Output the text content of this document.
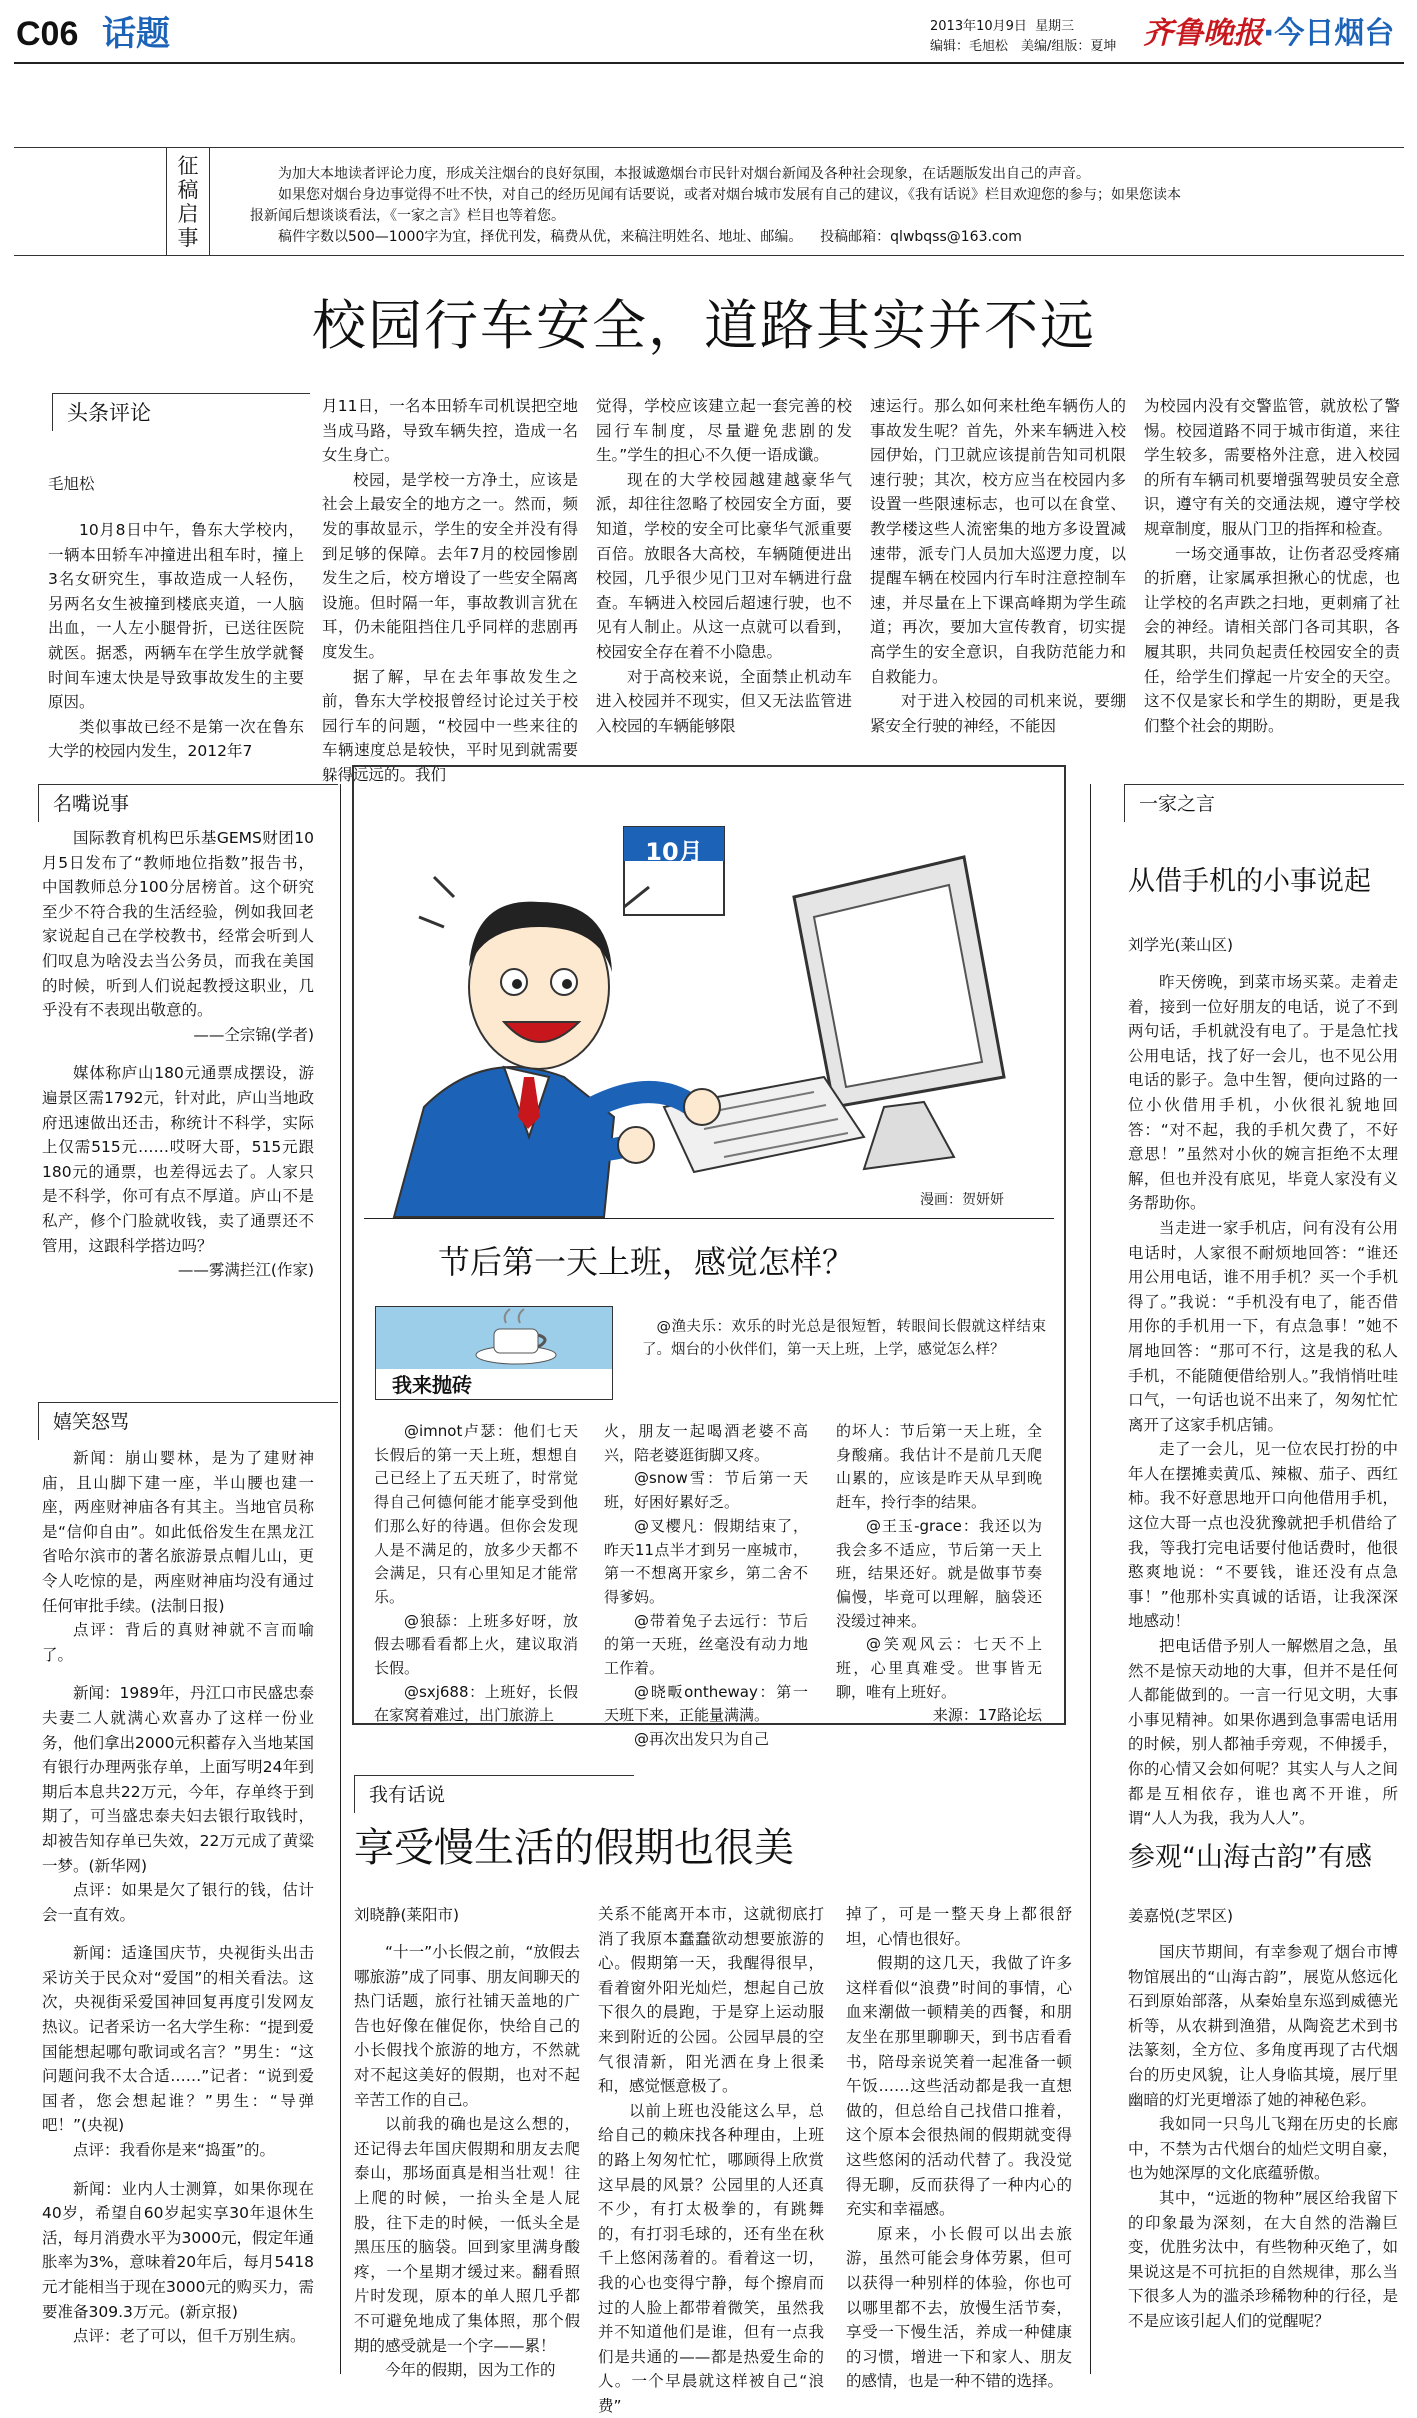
C06 话题	2013年10月9日 星期三
编辑：毛旭松　美编/组版：夏坤 齐鲁晚报·今日烟台
征稿启事

为加大本地读者评论力度，形成关注烟台的良好氛围，本报诚邀烟台市民针对烟台新闻及各种社会现象，在话题版发出自己的声音。

如果您对烟台身边事觉得不吐不快，对自己的经历见闻有话要说，或者对烟台城市发展有自己的建议，《我有话说》栏目欢迎您的参与；如果您读本报新闻后想谈谈看法，《一家之言》栏目也等着您。

稿件字数以500—1000字为宜，择优刊发，稿费从优，来稿注明姓名、地址、邮编。 投稿邮箱：qlwbqss@163.com

校园行车安全，道路其实并不远
头条评论
毛旭松

10月8日中午，鲁东大学校内，一辆本田轿车冲撞进出租车时，撞上3名女研究生，事故造成一人轻伤，另两名女生被撞到楼底夹道，一人脑出血，一人左小腿骨折，已送往医院就医。据悉，两辆车在学生放学就餐时间车速太快是导致事故发生的主要原因。

类似事故已经不是第一次在鲁东大学的校园内发生，2012年7

月11日，一名本田轿车司机误把空地当成马路，导致车辆失控，造成一名女生身亡。

校园，是学校一方净土，应该是社会上最安全的地方之一。然而，频发的事故显示，学生的安全并没有得到足够的保障。去年7月的校园惨剧发生之后，校方增设了一些安全隔离设施。但时隔一年，事故教训言犹在耳，仍未能阻挡住几乎同样的悲剧再度发生。

据了解，早在去年事故发生之前，鲁东大学校报曾经讨论过关于校园行车的问题，“校园中一些来往的车辆速度总是较快，平时见到就需要躲得远远的。我们

觉得，学校应该建立起一套完善的校园行车制度，尽量避免悲剧的发生。”学生的担心不久便一语成谶。

现在的大学校园越建越豪华气派，却往往忽略了校园安全方面，要知道，学校的安全可比豪华气派重要百倍。放眼各大高校，车辆随便进出校园，几乎很少见门卫对车辆进行盘查。车辆进入校园后超速行驶，也不见有人制止。从这一点就可以看到，校园安全存在着不小隐患。

对于高校来说，全面禁止机动车进入校园并不现实，但又无法监管进入校园的车辆能够限

速运行。那么如何来杜绝车辆伤人的事故发生呢？首先，外来车辆进入校园伊始，门卫就应该提前告知司机限速行驶；其次，校方应当在校园内多设置一些限速标志，也可以在食堂、教学楼这些人流密集的地方多设置减速带，派专门人员加大巡逻力度，以提醒车辆在校园内行车时注意控制车速，并尽量在上下课高峰期为学生疏道；再次，要加大宣传教育，切实提高学生的安全意识，自我防范能力和自救能力。

对于进入校园的司机来说，要绷紧安全行驶的神经，不能因

为校园内没有交警监管，就放松了警惕。校园道路不同于城市街道，来往学生较多，需要格外注意，进入校园的所有车辆司机要增强驾驶员安全意识，遵守有关的交通法规，遵守学校规章制度，服从门卫的指挥和检查。

一场交通事故，让伤者忍受疼痛的折磨，让家属承担揪心的忧虑，也让学校的名声跌之扫地，更刺痛了社会的神经。请相关部门各司其职，各履其职，共同负起责任校园安全的责任，给学生们撑起一片安全的天空。这不仅是家长和学生的期盼，更是我们整个社会的期盼。

名嘴说事

国际教育机构巴乐基GEMS财团10月5日发布了“教师地位指数”报告书，中国教师总分100分居榜首。这个研究至少不符合我的生活经验，例如我回老家说起自己在学校教书，经常会听到人们叹息为啥没去当公务员，而我在美国的时候，听到人们说起教授这职业，几乎没有不表现出敬意的。

——仝宗锦(学者)

媒体称庐山180元通票成摆设，游遍景区需1792元，针对此，庐山当地政府迅速做出还击，称统计不科学，实际上仅需515元……哎呀大哥，515元跟180元的通票，也差得远去了。人家只是不科学，你可有点不厚道。庐山不是私产，修个门脸就收钱，卖了通票还不管用，这跟科学搭边吗？

——雾满拦江(作家)

嬉笑怒骂

新闻：崩山婴林，是为了建财神庙，且山脚下建一座，半山腰也建一座，两座财神庙各有其主。当地官员称是“信仰自由”。如此低俗发生在黑龙江省哈尔滨市的著名旅游景点帽儿山，更令人吃惊的是，两座财神庙均没有通过任何审批手续。(法制日报)

点评：背后的真财神就不言而喻了。

新闻：1989年，丹江口市民盛忠泰夫妻二人就满心欢喜办了这样一份业务，他们拿出2000元积蓄存入当地某国有银行办理两张存单，上面写明24年到期后本息共22万元，今年，存单终于到期了，可当盛忠泰夫妇去银行取钱时，却被告知存单已失效，22万元成了黄粱一梦。(新华网)

点评：如果是欠了银行的钱，估计会一直有效。

新闻：适逢国庆节，央视街头出击采访关于民众对“爱国”的相关看法。这次，央视街采爱国神回复再度引发网友热议。记者采访一名大学生称：“提到爱国能想起哪句歌词或名言？”男生：“这问题问我不太合适……”记者：“说到爱国者，您会想起谁？”男生：“导弹吧！”(央视)

点评：我看你是来“捣蛋”的。

新闻：业内人士测算，如果你现在40岁，希望自60岁起实享30年退休生活，每月消费水平为3000元，假定年通胀率为3%，意味着20年后，每月5418元才能相当于现在3000元的购买力，需要准备309.3万元。(新京报)

点评：老了可以，但千万别生病。

10月 8日
漫画：贺妍妍
节后第一天上班，感觉怎样？
我来抛砖
@渔夫乐：欢乐的时光总是很短暂，转眼间长假就这样结束了。烟台的小伙伴们，第一天上班，上学，感觉怎么样？

@imnot卢瑟：他们七天长假后的第一天上班，想想自己已经上了五天班了，时常觉得自己何德何能才能享受到他们那么好的待遇。但你会发现人是不满足的，放多少天都不会满足，只有心里知足才能常乐。

@狼舔：上班多好呀，放假去哪看看都上火，建议取消长假。

@sxj688：上班好，长假在家窝着难过，出门旅游上

火，朋友一起喝酒老婆不高兴，陪老婆逛街脚又疼。

@snow雪：节后第一天班，好困好累好乏。

@叉樱凡：假期结束了，昨天11点半才到另一座城市，第一不想离开家乡，第二舍不得爹妈。

@带着兔子去远行：节后的第一天班，丝毫没有动力地工作着。

@晓畈ontheway：第一天班下来，正能量满满。

@再次出发只为自己

的坏人：节后第一天上班，全身酸痛。我估计不是前几天爬山累的，应该是昨天从早到晚赶车，拎行李的结果。

@王玉-grace：我还以为我会多不适应，节后第一天上班，结果还好。就是做事节奏偏慢，毕竟可以理解，脑袋还没缓过神来。

@笑观风云：七天不上班，心里真难受。世事皆无聊，唯有上班好。

来源：17路论坛

我有话说
享受慢生活的假期也很美
刘晓静(莱阳市)

“十一”小长假之前，“放假去哪旅游”成了同事、朋友间聊天的热门话题，旅行社铺天盖地的广告也好像在催促你，快给自己的小长假找个旅游的地方，不然就对不起这美好的假期，也对不起辛苦工作的自己。

以前我的确也是这么想的，还记得去年国庆假期和朋友去爬泰山，那场面真是相当壮观！往上爬的时候，一抬头全是人屁股，往下走的时候，一低头全是黑压压的脑袋。回到家里满身酸疼，一个星期才缓过来。翻看照片时发现，原本的单人照几乎都不可避免地成了集体照，那个假期的感受就是一个字——累！

今年的假期，因为工作的

关系不能离开本市，这就彻底打消了我原本蠢蠢欲动想要旅游的心。假期第一天，我醒得很早，看着窗外阳光灿烂，想起自己放下很久的晨跑，于是穿上运动服来到附近的公园。公园早晨的空气很清新，阳光洒在身上很柔和，感觉惬意极了。

以前上班也没能这么早，总给自己的赖床找各种理由，上班的路上匆匆忙忙，哪顾得上欣赏这早晨的风景？公园里的人还真不少，有打太极拳的，有跳舞的，有打羽毛球的，还有坐在秋千上悠闲荡着的。看着这一切，我的心也变得宁静，每个擦肩而过的人脸上都带着微笑，虽然我并不知道他们是谁，但有一点我们是共通的——都是热爱生命的人。一个早晨就这样被自己“浪费”

掉了，可是一整天身上都很舒坦，心情也很好。

假期的这几天，我做了许多这样看似“浪费”时间的事情，心血来潮做一顿精美的西餐，和朋友坐在那里聊聊天，到书店看看书，陪母亲说笑着一起准备一顿午饭……这些活动都是我一直想做的，但总给自己找借口推着，这个原本会很热闹的假期就变得这些悠闲的活动代替了。我没觉得无聊，反而获得了一种内心的充实和幸福感。

原来，小长假可以出去旅游，虽然可能会身体劳累，但可以获得一种别样的体验，你也可以哪里都不去，放慢生活节奏，享受一下慢生活，养成一种健康的习惯，增进一下和家人、朋友的感情，也是一种不错的选择。

一家之言
从借手机的小事说起
刘学光(莱山区)

昨天傍晚，到菜市场买菜。走着走着，接到一位好朋友的电话，说了不到两句话，手机就没有电了。于是急忙找公用电话，找了好一会儿，也不见公用电话的影子。急中生智，便向过路的一位小伙借用手机，小伙很礼貌地回答：“对不起，我的手机欠费了，不好意思！”虽然对小伙的婉言拒绝不太理解，但也并没有底见，毕竟人家没有义务帮助你。

当走进一家手机店，问有没有公用电话时，人家很不耐烦地回答：“谁还用公用电话，谁不用手机？买一个手机得了。”我说：“手机没有电了，能否借用你的手机用一下，有点急事！”她不屑地回答：“那可不行，这是我的私人手机，不能随便借给别人。”我悄悄吐哇口气，一句话也说不出来了，匆匆忙忙离开了这家手机店铺。

走了一会儿，见一位农民打扮的中年人在摆摊卖黄瓜、辣椒、茄子、西红柿。我不好意思地开口向他借用手机，这位大哥一点也没犹豫就把手机借给了我，等我打完电话要付他话费时，他很憨爽地说：“不要钱，谁还没有点急事！”他那朴实真诚的话语，让我深深地感动！

把电话借予别人一解燃眉之急，虽然不是惊天动地的大事，但并不是任何人都能做到的。一言一行见文明，大事小事见精神。如果你遇到急事需电话用的时候，别人都袖手旁观，不伸援手，你的心情又会如何呢？其实人与人之间都是互相依存，谁也离不开谁，所谓“人人为我，我为人人”。

参观“山海古韵”有感
姜嘉悦(芝罘区)

国庆节期间，有幸参观了烟台市博物馆展出的“山海古韵”，展览从悠远化石到原始部落，从秦始皇东巡到威德光析等，从农耕到渔猎，从陶瓷艺术到书法篆刻，全方位、多角度再现了古代烟台的历史风貌，让人身临其境，展厅里幽暗的灯光更增添了她的神秘色彩。

我如同一只鸟儿飞翔在历史的长廊中，不禁为古代烟台的灿烂文明自豪，也为她深厚的文化底蕴骄傲。

其中，“远逝的物种”展区给我留下的印象最为深刻，在大自然的浩瀚巨变，优胜劣汰中，有些物种灭绝了，如果说这是不可抗拒的自然规律，那么当下很多人为的滥杀珍稀物种的行径，是不是应该引起人们的觉醒呢？
